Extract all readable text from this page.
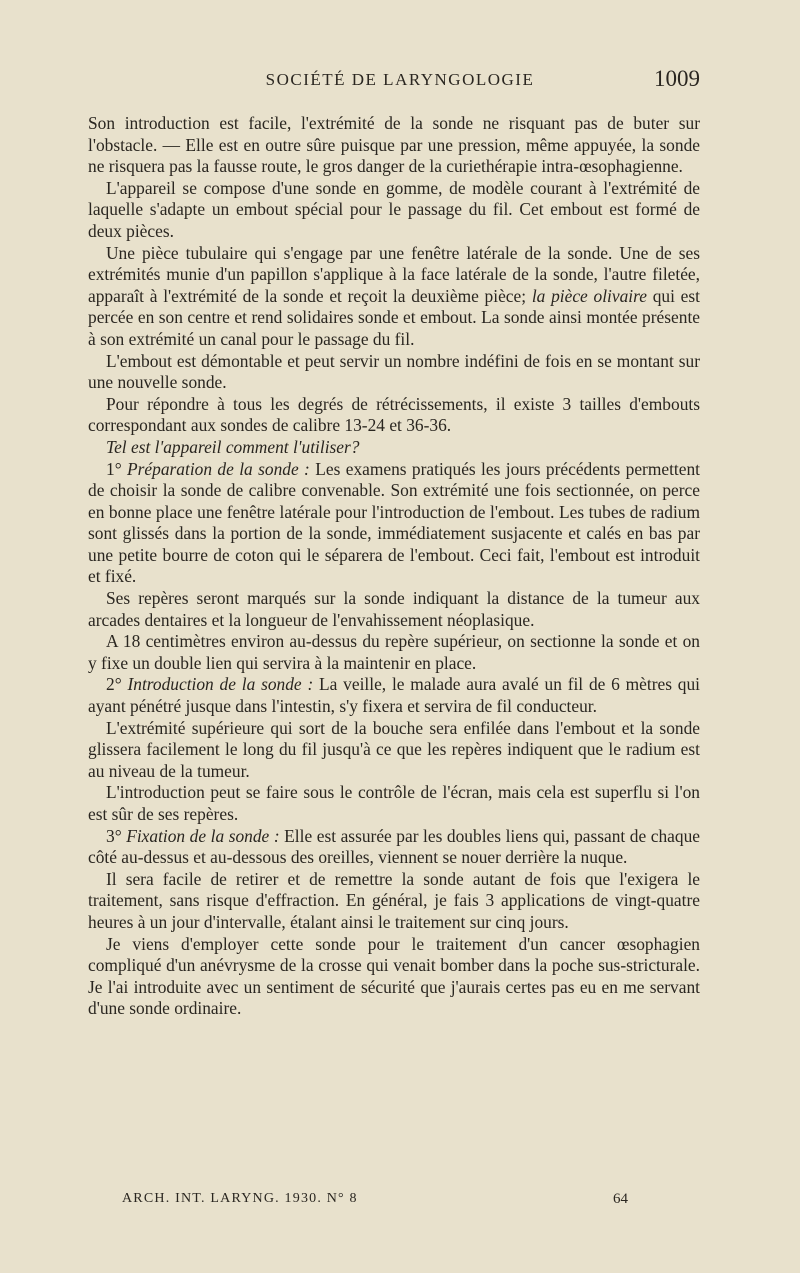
SOCIÉTÉ DE LARYNGOLOGIE	1009

Son introduction est facile, l'extrémité de la sonde ne risquant pas de buter sur l'obstacle. — Elle est en outre sûre puisque par une pression, même appuyée, la sonde ne risquera pas la fausse route, le gros danger de la curiethérapie intra-œsophagienne.

L'appareil se compose d'une sonde en gomme, de modèle courant à l'extrémité de laquelle s'adapte un embout spécial pour le passage du fil. Cet embout est formé de deux pièces.

Une pièce tubulaire qui s'engage par une fenêtre latérale de la sonde. Une de ses extrémités munie d'un papillon s'applique à la face latérale de la sonde, l'autre filetée, apparaît à l'extrémité de la sonde et reçoit la deuxième pièce; la pièce olivaire qui est percée en son centre et rend solidaires sonde et embout. La sonde ainsi montée présente à son extrémité un canal pour le passage du fil.

L'embout est démontable et peut servir un nombre indéfini de fois en se montant sur une nouvelle sonde.

Pour répondre à tous les degrés de rétrécissements, il existe 3 tailles d'embouts correspondant aux sondes de calibre 13-24 et 36-36.

Tel est l'appareil comment l'utiliser?

1° Préparation de la sonde : Les examens pratiqués les jours précédents permettent de choisir la sonde de calibre convenable. Son extrémité une fois sectionnée, on perce en bonne place une fenêtre latérale pour l'introduction de l'embout. Les tubes de radium sont glissés dans la portion de la sonde, immédiatement susjacente et calés en bas par une petite bourre de coton qui le séparera de l'embout. Ceci fait, l'embout est introduit et fixé.

Ses repères seront marqués sur la sonde indiquant la distance de la tumeur aux arcades dentaires et la longueur de l'envahissement néoplasique.

A 18 centimètres environ au-dessus du repère supérieur, on sectionne la sonde et on y fixe un double lien qui servira à la maintenir en place.

2° Introduction de la sonde : La veille, le malade aura avalé un fil de 6 mètres qui ayant pénétré jusque dans l'intestin, s'y fixera et servira de fil conducteur.

L'extrémité supérieure qui sort de la bouche sera enfilée dans l'embout et la sonde glissera facilement le long du fil jusqu'à ce que les repères indiquent que le radium est au niveau de la tumeur.

L'introduction peut se faire sous le contrôle de l'écran, mais cela est superflu si l'on est sûr de ses repères.

3° Fixation de la sonde : Elle est assurée par les doubles liens qui, passant de chaque côté au-dessus et au-dessous des oreilles, viennent se nouer derrière la nuque.

Il sera facile de retirer et de remettre la sonde autant de fois que l'exigera le traitement, sans risque d'effraction. En général, je fais 3 applications de vingt-quatre heures à un jour d'intervalle, étalant ainsi le traitement sur cinq jours.

Je viens d'employer cette sonde pour le traitement d'un cancer œsophagien compliqué d'un anévrysme de la crosse qui venait bomber dans la poche sus-stricturale. Je l'ai introduite avec un sentiment de sécurité que j'aurais certes pas eu en me servant d'une sonde ordinaire.

ARCH. INT. LARYNG. 1930. N° 8	64
